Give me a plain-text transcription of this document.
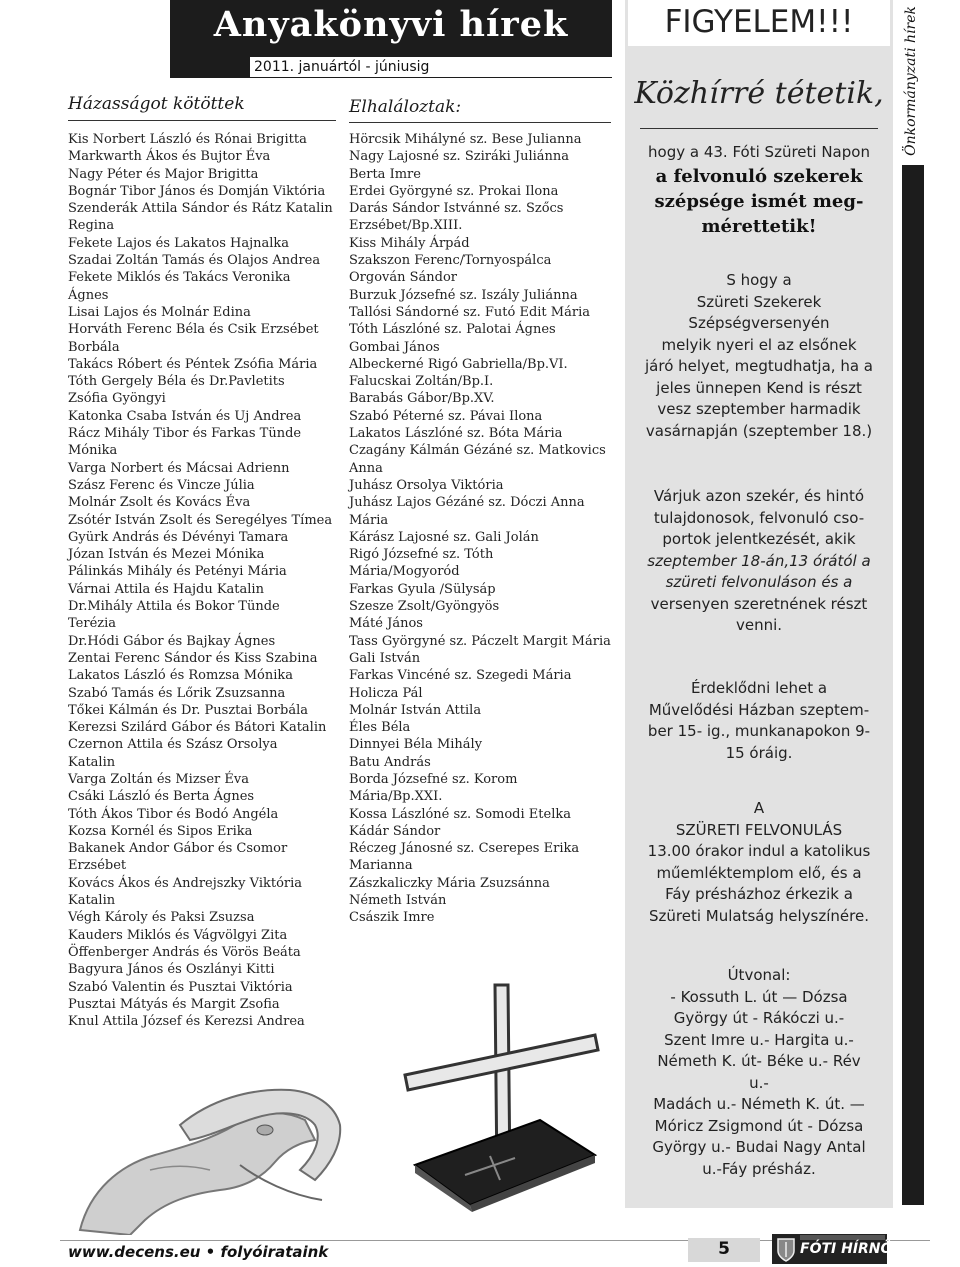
Anyakönyvi hírek
2011. januártól - júniusig
Házasságot kötöttek
Kis Norbert László és Rónai Brigitta
Markwarth Ákos és Bujtor Éva
Nagy Péter és Major Brigitta
Bognár Tibor János és Domján Viktória
Szenderák Attila Sándor és Rátz Katalin
Regina
Fekete Lajos és Lakatos Hajnalka
Szadai Zoltán Tamás és Olajos Andrea
Fekete Miklós és Takács Veronika
Ágnes
Lisai Lajos és Molnár Edina
Horváth Ferenc Béla és Csik Erzsébet
Borbála
Takács Róbert és Péntek Zsófia Mária
Tóth Gergely Béla és Dr.Pavletits
Zsófia Gyöngyi
Katonka Csaba István és Uj Andrea
Rácz Mihály Tibor és Farkas Tünde
Mónika
Varga Norbert és Mácsai Adrienn
Szász Ferenc és Vincze Júlia
Molnár Zsolt és Kovács Éva
Zsótér István Zsolt és Seregélyes Tímea
Gyürk András és Dévényi Tamara
Józan István és Mezei Mónika
Pálinkás Mihály és Petényi Mária
Várnai Attila és Hajdu Katalin
Dr.Mihály Attila és Bokor Tünde
Terézia
Dr.Hódi Gábor és Bajkay Ágnes
Zentai Ferenc Sándor és Kiss Szabina
Lakatos László és Romzsa Mónika
Szabó Tamás és Lőrik Zsuzsanna
Tőkei Kálmán és Dr. Pusztai Borbála
Kerezsi Szilárd Gábor és Bátori Katalin
Czernon Attila és Szász Orsolya
Katalin
Varga Zoltán és Mizser Éva
Csáki László és Berta Ágnes
Tóth Ákos Tibor és Bodó Angéla
Kozsa Kornél és Sipos Erika
Bakanek Andor Gábor és Csomor
Erzsébet
Kovács Ákos és Andrejszky Viktória
Katalin
Végh Károly és Paksi Zsuzsa
Kauders Miklós és Vágvölgyi Zita
Öffenberger András és Vörös Beáta
Bagyura János és Oszlányi Kitti
Szabó Valentin és Pusztai Viktória
Pusztai Mátyás és Margit Zsofia
Knul Attila József és Kerezsi Andrea
Elhaláloztak:
Hörcsik Mihályné sz. Bese Julianna
Nagy Lajosné sz. Sziráki Juliánna
Berta Imre
Erdei Györgyné sz. Prokai Ilona
Darás Sándor Istvánné sz. Szőcs
Erzsébet/Bp.XIII.
Kiss Mihály Árpád
Szakszon Ferenc/Tornyospálca
Orgován Sándor
Burzuk Józsefné sz. Iszály Juliánna
Tallósi Sándorné sz. Futó Edit Mária
Tóth Lászlóné sz. Palotai Ágnes
Gombai János
Albeckerné Rigó Gabriella/Bp.VI.
Falucskai Zoltán/Bp.I.
Barabás Gábor/Bp.XV.
Szabó Péterné sz. Pávai Ilona
Lakatos Lászlóné sz. Bóta Mária
Czagány Kálmán Gézáné sz. Matkovics
Anna
Juhász Orsolya Viktória
Juhász Lajos Gézáné sz. Dóczi Anna
Mária
Kárász Lajosné sz. Gali Jolán
Rigó Józsefné sz. Tóth
Mária/Mogyoród
Farkas Gyula /Sülysáp
Szesze Zsolt/Gyöngyös
Máté János
Tass Györgyné sz. Páczelt Margit Mária
Gali István
Farkas Vincéné sz. Szegedi Mária
Holicza Pál
Molnár István Attila
Éles Béla
Dinnyei Béla Mihály
Batu András
Borda Józsefné sz. Korom
Mária/Bp.XXI.
Kossa Lászlóné sz. Somodi Etelka
Kádár Sándor
Réczeg Jánosné sz. Cserepes Erika
Marianna
Zászkaliczky Mária Zsuzsánna
Németh István
Császik Imre
FIGYELEM!!!
Közhírré tétetik,
hogy a 43. Fóti Szüreti Napon
a felvonuló szekerek
szépsége ismét meg-
mérettetik!
S hogy a
Szüreti Szekerek
Szépségversenyén
melyik nyeri el az elsőnek
járó helyet, megtudhatja, ha a
jeles ünnepen Kend is részt
vesz szeptember harmadik
vasárnapján (szeptember 18.)
Várjuk azon szekér, és hintó
tulajdonosok, felvonuló cso-
portok jelentkezését, akik
szeptember 18-án,13 órától a
szüreti felvonuláson és a
versenyen szeretnének részt
venni.
Érdeklődni lehet a
Művelődési Házban szeptem-
ber 15- ig., munkanapokon 9-
15 óráig.
A
SZÜRETI FELVONULÁS
13.00 órakor indul a katolikus
műemléktemplom elő, és a
Fáy présházhoz érkezik a
Szüreti Mulatság helyszínére.
Útvonal:
- Kossuth L. út — Dózsa
György út - Rákóczi u.-
Szent Imre u.- Hargita u.-
Németh K. út- Béke u.- Rév
u.-
Madách u.- Németh K. út. —
Móricz Zsigmond út - Dózsa
György u.- Budai Nagy Antal
u.-Fáy présház.
Önkormányzati hírek
www.decens.eu • folyóirataink	5	FÓTI HÍRNÖK
